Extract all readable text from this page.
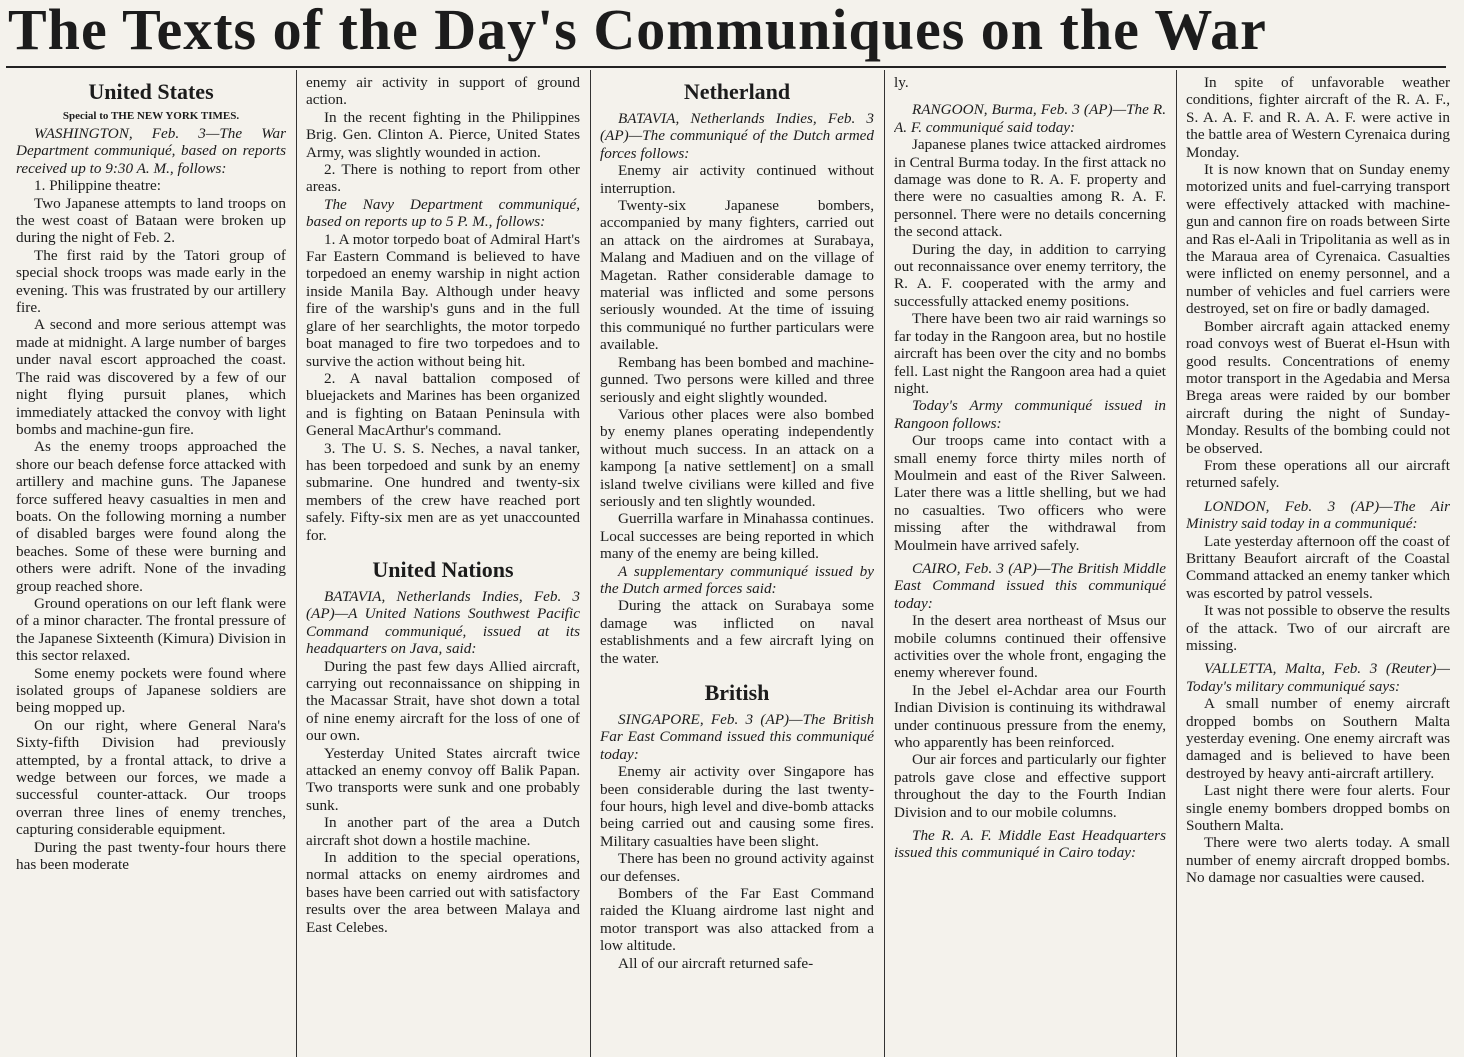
The Texts of the Day's Communiques on the War
United States
Special to THE NEW YORK TIMES.

WASHINGTON, Feb. 3—The War Department communiqué, based on reports received up to 9:30 A. M., follows:

1. Philippine theatre:

Two Japanese attempts to land troops on the west coast of Bataan were broken up during the night of Feb. 2.

The first raid by the Tatori group of special shock troops was made early in the evening. This was frustrated by our artillery fire.

A second and more serious attempt was made at midnight. A large number of barges under naval escort approached the coast. The raid was discovered by a few of our night flying pursuit planes, which immediately attacked the convoy with light bombs and machine-gun fire.

As the enemy troops approached the shore our beach defense force attacked with artillery and machine guns. The Japanese force suffered heavy casualties in men and boats. On the following morning a number of disabled barges were found along the beaches. Some of these were burning and others were adrift. None of the invading group reached shore.

Ground operations on our left flank were of a minor character. The frontal pressure of the Japanese Sixteenth (Kimura) Division in this sector relaxed.

Some enemy pockets were found where isolated groups of Japanese soldiers are being mopped up.

On our right, where General Nara's Sixty-fifth Division had previously attempted, by a frontal attack, to drive a wedge between our forces, we made a successful counter-attack. Our troops overran three lines of enemy trenches, capturing considerable equipment.

During the past twenty-four hours there has been moderate

enemy air activity in support of ground action.

In the recent fighting in the Philippines Brig. Gen. Clinton A. Pierce, United States Army, was slightly wounded in action.

2. There is nothing to report from other areas.

The Navy Department communiqué, based on reports up to 5 P. M., follows:

1. A motor torpedo boat of Admiral Hart's Far Eastern Command is believed to have torpedoed an enemy warship in night action inside Manila Bay. Although under heavy fire of the warship's guns and in the full glare of her searchlights, the motor torpedo boat managed to fire two torpedoes and to survive the action without being hit.

2. A naval battalion composed of bluejackets and Marines has been organized and is fighting on Bataan Peninsula with General MacArthur's command.

3. The U. S. S. Neches, a naval tanker, has been torpedoed and sunk by an enemy submarine. One hundred and twenty-six members of the crew have reached port safely. Fifty-six men are as yet unaccounted for.

United Nations

BATAVIA, Netherlands Indies, Feb. 3 (AP)—A United Nations Southwest Pacific Command communiqué, issued at its headquarters on Java, said:

During the past few days Allied aircraft, carrying out reconnaissance on shipping in the Macassar Strait, have shot down a total of nine enemy aircraft for the loss of one of our own.

Yesterday United States aircraft twice attacked an enemy convoy off Balik Papan. Two transports were sunk and one probably sunk.

In another part of the area a Dutch aircraft shot down a hostile machine.

In addition to the special operations, normal attacks on enemy airdromes and bases have been carried out with satisfactory results over the area between Malaya and East Celebes.

Netherland

BATAVIA, Netherlands Indies, Feb. 3 (AP)—The communiqué of the Dutch armed forces follows:

Enemy air activity continued without interruption.

Twenty-six Japanese bombers, accompanied by many fighters, carried out an attack on the airdromes at Surabaya, Malang and Madiuen and on the village of Magetan. Rather considerable damage to material was inflicted and some persons seriously wounded. At the time of issuing this communiqué no further particulars were available.

Rembang has been bombed and machine-gunned. Two persons were killed and three seriously and eight slightly wounded.

Various other places were also bombed by enemy planes operating independently without much success. In an attack on a kampong [a native settlement] on a small island twelve civilians were killed and five seriously and ten slightly wounded.

Guerrilla warfare in Minahassa continues. Local successes are being reported in which many of the enemy are being killed.

A supplementary communiqué issued by the Dutch armed forces said:

During the attack on Surabaya some damage was inflicted on naval establishments and a few aircraft lying on the water.

British

SINGAPORE, Feb. 3 (AP)—The British Far East Command issued this communiqué today:

Enemy air activity over Singapore has been considerable during the last twenty-four hours, high level and dive-bomb attacks being carried out and causing some fires. Military casualties have been slight.

There has been no ground activity against our defenses.

Bombers of the Far East Command raided the Kluang airdrome last night and motor transport was also attacked from a low altitude.

All of our aircraft returned safe-

ly.

RANGOON, Burma, Feb. 3 (AP)—The R. A. F. communiqué said today:

Japanese planes twice attacked airdromes in Central Burma today. In the first attack no damage was done to R. A. F. property and there were no casualties among R. A. F. personnel. There were no details concerning the second attack.

During the day, in addition to carrying out reconnaissance over enemy territory, the R. A. F. cooperated with the army and successfully attacked enemy positions.

There have been two air raid warnings so far today in the Rangoon area, but no hostile aircraft has been over the city and no bombs fell. Last night the Rangoon area had a quiet night.

Today's Army communiqué issued in Rangoon follows:

Our troops came into contact with a small enemy force thirty miles north of Moulmein and east of the River Salween. Later there was a little shelling, but we had no casualties. Two officers who were missing after the withdrawal from Moulmein have arrived safely.

CAIRO, Feb. 3 (AP)—The British Middle East Command issued this communiqué today:

In the desert area northeast of Msus our mobile columns continued their offensive activities over the whole front, engaging the enemy wherever found.

In the Jebel el-Achdar area our Fourth Indian Division is continuing its withdrawal under continuous pressure from the enemy, who apparently has been reinforced.

Our air forces and particularly our fighter patrols gave close and effective support throughout the day to the Fourth Indian Division and to our mobile columns.

The R. A. F. Middle East Headquarters issued this communiqué in Cairo today:

In spite of unfavorable weather conditions, fighter aircraft of the R. A. F., S. A. A. F. and R. A. A. F. were active in the battle area of Western Cyrenaica during Monday.

It is now known that on Sunday enemy motorized units and fuel-carrying transport were effectively attacked with machine-gun and cannon fire on roads between Sirte and Ras el-Aali in Tripolitania as well as in the Maraua area of Cyrenaica. Casualties were inflicted on enemy personnel, and a number of vehicles and fuel carriers were destroyed, set on fire or badly damaged.

Bomber aircraft again attacked enemy road convoys west of Buerat el-Hsun with good results. Concentrations of enemy motor transport in the Agedabia and Mersa Brega areas were raided by our bomber aircraft during the night of Sunday-Monday. Results of the bombing could not be observed.

From these operations all our aircraft returned safely.

LONDON, Feb. 3 (AP)—The Air Ministry said today in a communiqué:

Late yesterday afternoon off the coast of Brittany Beaufort aircraft of the Coastal Command attacked an enemy tanker which was escorted by patrol vessels.

It was not possible to observe the results of the attack. Two of our aircraft are missing.

VALLETTA, Malta, Feb. 3 (Reuter)—Today's military communiqué says:

A small number of enemy aircraft dropped bombs on Southern Malta yesterday evening. One enemy aircraft was damaged and is believed to have been destroyed by heavy anti-aircraft artillery.

Last night there were four alerts. Four single enemy bombers dropped bombs on Southern Malta.

There were two alerts today. A small number of enemy aircraft dropped bombs. No damage nor casualties were caused.
